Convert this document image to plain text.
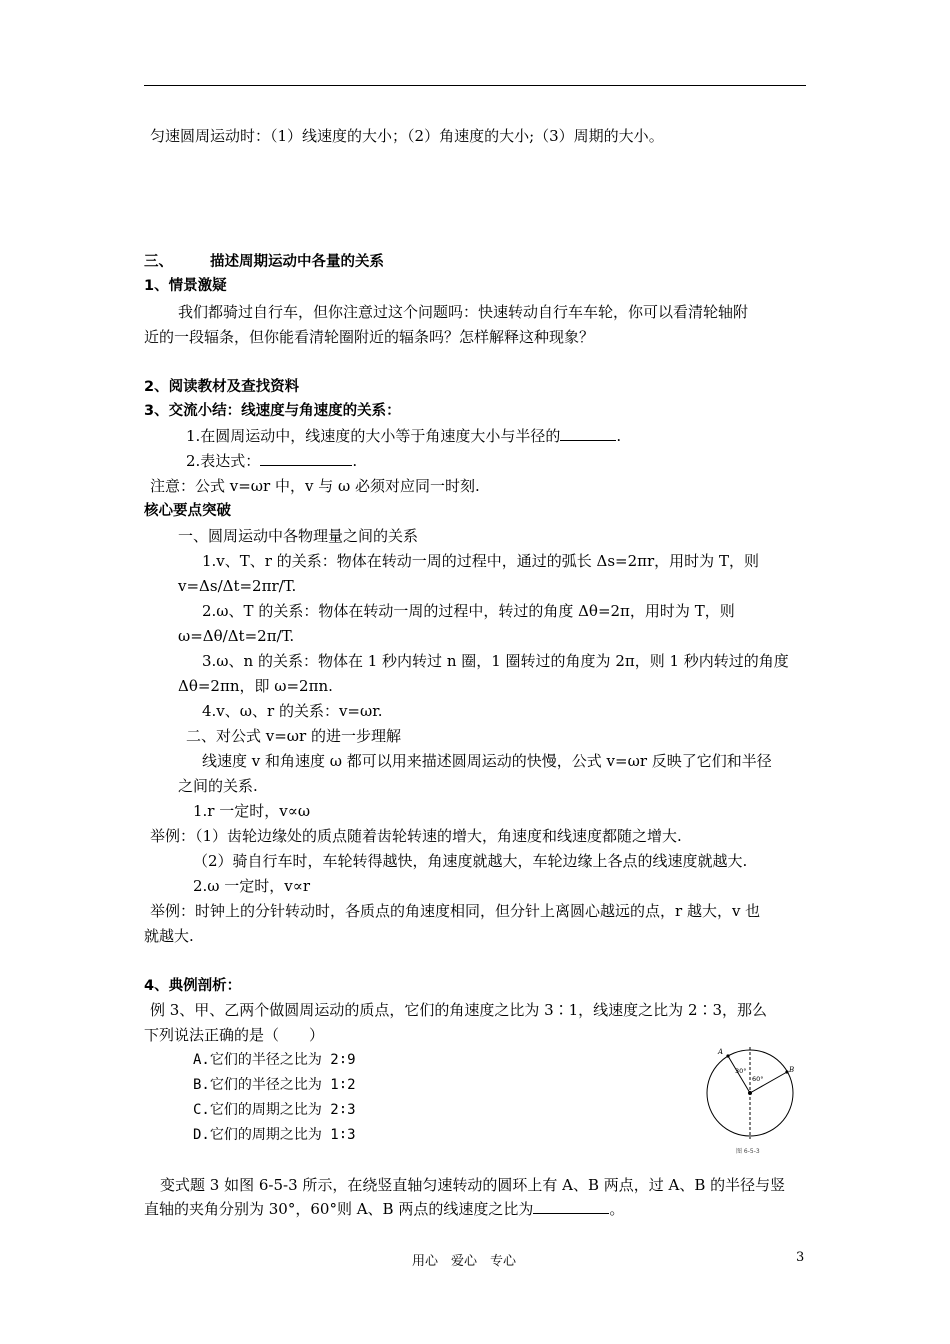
匀速圆周运动时：（1）线速度的大小；（2）角速度的大小;（3）周期的大小。
三、	描述周期运动中各量的关系
1、情景激疑
我们都骑过自行车，但你注意过这个问题吗：快速转动自行车车轮，你可以看清轮轴附
近的一段辐条，但你能看清轮圈附近的辐条吗？怎样解释这种现象？
2、阅读教材及查找资料
3、交流小结：线速度与角速度的关系：
1.在圆周运动中，线速度的大小等于角速度大小与半径的	.
2.表达式：	.
注意：公式 v=ωr 中，v 与 ω 必须对应同一时刻.
核心要点突破
一、圆周运动中各物理量之间的关系
1.v、T、r 的关系：物体在转动一周的过程中，通过的弧长 Δs=2πr，用时为 T，则
v=Δs/Δt=2πr/T.
2.ω、T 的关系：物体在转动一周的过程中，转过的角度 Δθ=2π，用时为 T，则
ω=Δθ/Δt=2π/T.
3.ω、n 的关系：物体在 1 秒内转过 n 圈，1 圈转过的角度为 2π，则 1 秒内转过的角度
Δθ=2πn，即 ω=2πn.
4.v、ω、r 的关系：v=ωr.
二、对公式 v=ωr 的进一步理解
线速度 v 和角速度 ω 都可以用来描述圆周运动的快慢，公式 v=ωr 反映了它们和半径
之间的关系.
1.r 一定时，v∝ω
举例：（1）齿轮边缘处的质点随着齿轮转速的增大，角速度和线速度都随之增大.
（2）骑自行车时，车轮转得越快，角速度就越大，车轮边缘上各点的线速度就越大.
2.ω 一定时，v∝r
举例：时钟上的分针转动时，各质点的角速度相同，但分针上离圆心越远的点，r 越大，v 也
就越大.
4、典例剖析：
例 3、甲、乙两个做圆周运动的质点，它们的角速度之比为 3∶1，线速度之比为 2∶3，那么
下列说法正确的是（　　）
A.它们的半径之比为 2∶9
B.它们的半径之比为 1∶2
C.它们的周期之比为 2∶3
D.它们的周期之比为 1∶3
A
B
30°
60°
图 6-5-3
变式题 3 如图 6-5-3 所示，在绕竖直轴匀速转动的圆环上有 A、B 两点，过 A、B 的半径与竖
直轴的夹角分别为 30°，60°则 A、B 两点的线速度之比为	。
用心　爱心　专心	3
